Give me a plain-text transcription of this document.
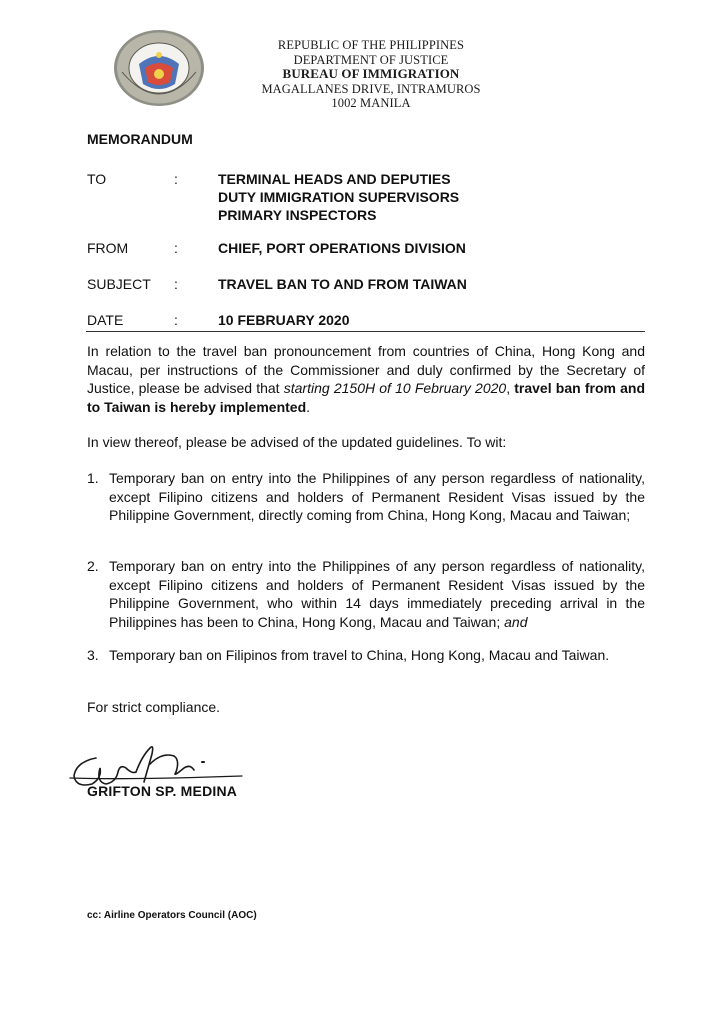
REPUBLIC OF THE PHILIPPINES
DEPARTMENT OF JUSTICE
BUREAU OF IMMIGRATION
MAGALLANES DRIVE, INTRAMUROS
1002 MANILA
MEMORANDUM
TO	:	TERMINAL HEADS AND DEPUTIES
DUTY IMMIGRATION SUPERVISORS
PRIMARY INSPECTORS
FROM	:	CHIEF, PORT OPERATIONS DIVISION
SUBJECT :	TRAVEL BAN TO AND FROM TAIWAN
DATE	:	10 FEBRUARY 2020
In relation to the travel ban pronouncement from countries of China, Hong Kong and Macau, per instructions of the Commissioner and duly confirmed by the Secretary of Justice, please be advised that starting 2150H of 10 February 2020, travel ban from and to Taiwan is hereby implemented.
In view thereof, please be advised of the updated guidelines. To wit:
1. Temporary ban on entry into the Philippines of any person regardless of nationality, except Filipino citizens and holders of Permanent Resident Visas issued by the Philippine Government, directly coming from China, Hong Kong, Macau and Taiwan;
2. Temporary ban on entry into the Philippines of any person regardless of nationality, except Filipino citizens and holders of Permanent Resident Visas issued by the Philippine Government, who within 14 days immediately preceding arrival in the Philippines has been to China, Hong Kong, Macau and Taiwan; and
3. Temporary ban on Filipinos from travel to China, Hong Kong, Macau and Taiwan.
For strict compliance.
GRIFTON SP. MEDINA
cc: Airline Operators Council (AOC)
